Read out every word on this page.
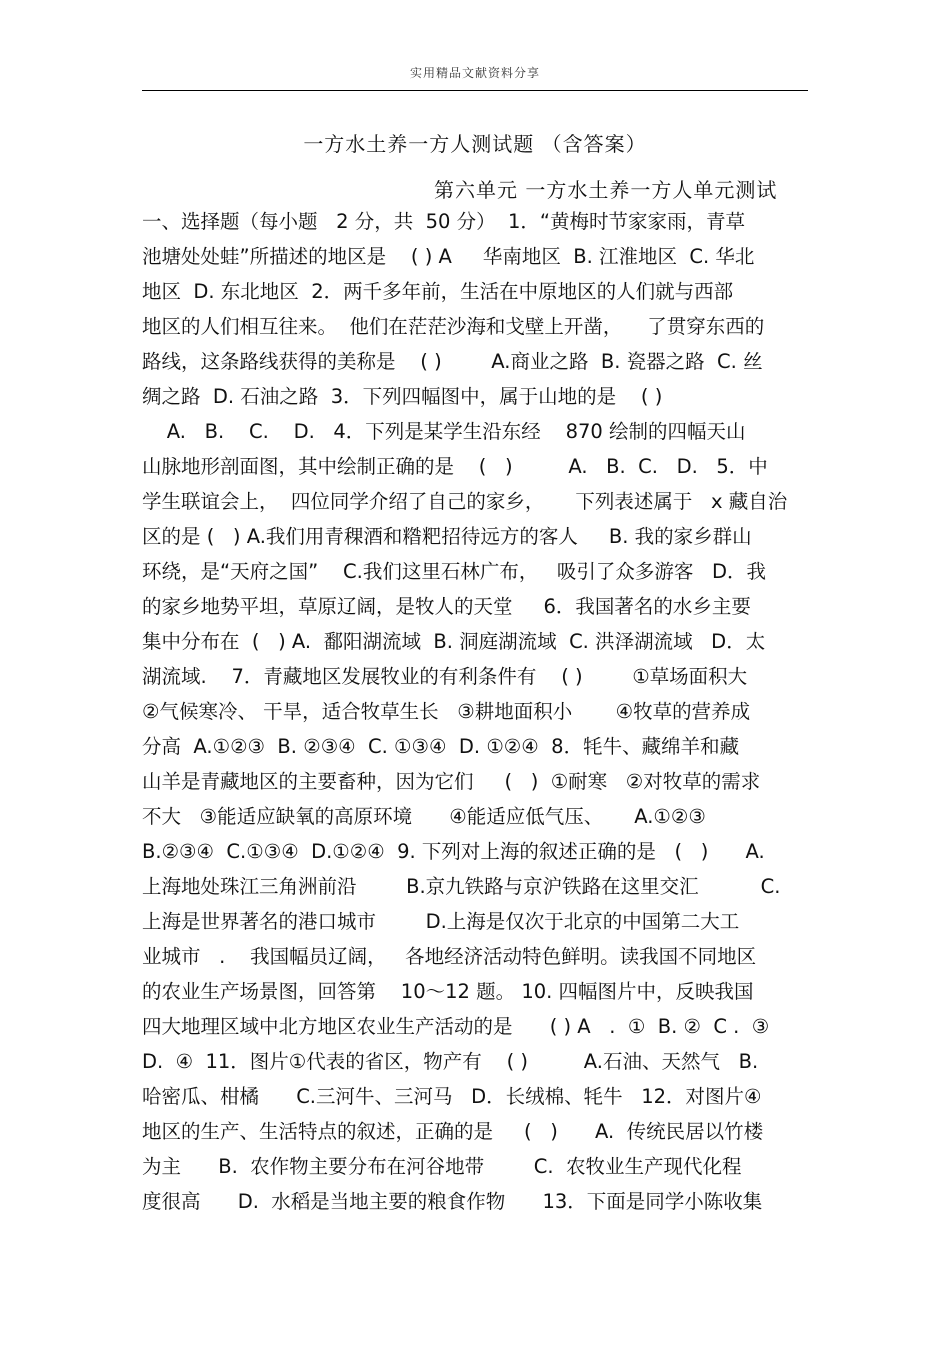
实用精品文献资料分享
一方水土养一方人测试题 （含答案）
第六单元 一方水土养一方人单元测试
一、选择题（每小题   2 分，共  50 分）  1．“黄梅时节家家雨，青草
池塘处处蛙”所描述的地区是    ( ) A     华南地区  B. 江淮地区  C. 华北
地区  D. 东北地区  2．两千多年前，生活在中原地区的人们就与西部
地区的人们相互往来。  他们在茫茫沙海和戈壁上开凿，    了贯穿东西的
路线，这条路线获得的美称是    ( )        A.商业之路  B. 瓷器之路  C. 丝
绸之路  D. 石油之路  3．下列四幅图中，属于山地的是    ( )
A.   B.    C.    D.   4．下列是某学生沿东经    870 绘制的四幅天山
山脉地形剖面图，其中绘制正确的是    (   )         A.   B.  C.   D.   5．中
学生联谊会上，  四位同学介绍了自己的家乡，     下列表述属于   x 藏自治
区的是 (   ) A.我们用青稞酒和糌粑招待远方的客人     B. 我的家乡群山
环绕，是“天府之国”    C.我们这里石林广布，   吸引了众多游客   D．我
的家乡地势平坦，草原辽阔，是牧人的天堂     6．我国著名的水乡主要
集中分布在  (   ) A.  鄱阳湖流域  B. 洞庭湖流域  C. 洪泽湖流域   D．太
湖流域.    7．青藏地区发展牧业的有利条件有    ( )        ①草场面积大
②气候寒冷、 干旱，适合牧草生长   ③耕地面积小       ④牧草的营养成
分高  A.①②③  B. ②③④  C. ①③④  D. ①②④  8．牦牛、藏绵羊和藏
山羊是青藏地区的主要畜种，因为它们     (   )  ①耐寒   ②对牧草的需求
不大   ③能适应缺氧的高原环境      ④能适应低气压、     A.①②③
B.②③④  C.①③④  D.①②④  9. 下列对上海的叙述正确的是   (   )      A.
上海地处珠江三角洲前沿        B.京九铁路与京沪铁路在这里交汇          C.
上海是世界著名的港口城市        D.上海是仅次于北京的中国第二大工
业城市   .    我国幅员辽阔，   各地经济活动特色鲜明。读我国不同地区
的农业生产场景图，回答第    10～12 题。 10. 四幅图片中，反映我国
四大地理区域中北方地区农业生产活动的是      ( ) A   .  ①  B. ②  C .  ③
D.  ④  11．图片①代表的省区，物产有    ( )         A.石油、天然气   B.
哈密瓜、柑橘      C.三河牛、三河马   D．长绒棉、牦牛   12．对图片④
地区的生产、生活特点的叙述，正确的是     (   )      A.  传统民居以竹楼
为主      B.  农作物主要分布在河谷地带        C.  农牧业生产现代化程
度很高      D.  水稻是当地主要的粮食作物      13．下面是同学小陈收集
